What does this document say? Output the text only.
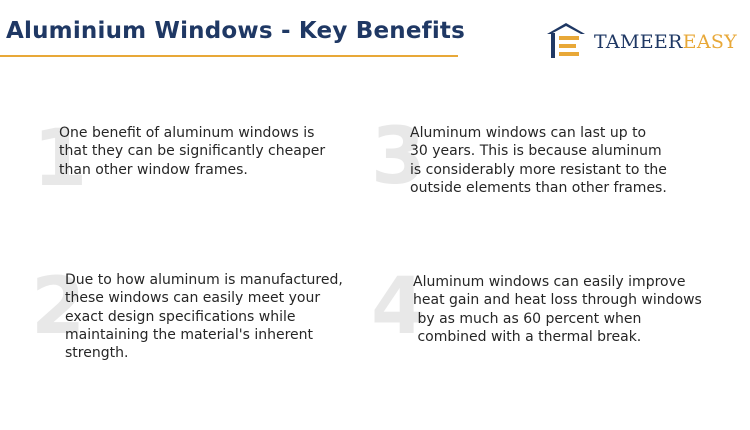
Aluminium Windows - Key Benefits	TAMEEREASY
1
One benefit of aluminum windows is
that they can be significantly cheaper
than other window frames.
2
Due to how aluminum is manufactured,
these windows can easily meet your
exact design specifications while
maintaining the material's inherent
strength.
3
Aluminum windows can last up to
30 years. This is because aluminum
is considerably more resistant to the
outside elements than other frames.
4
Aluminum windows can easily improve
heat gain and heat loss through windows
by as much as 60 percent when
combined with a thermal break.
